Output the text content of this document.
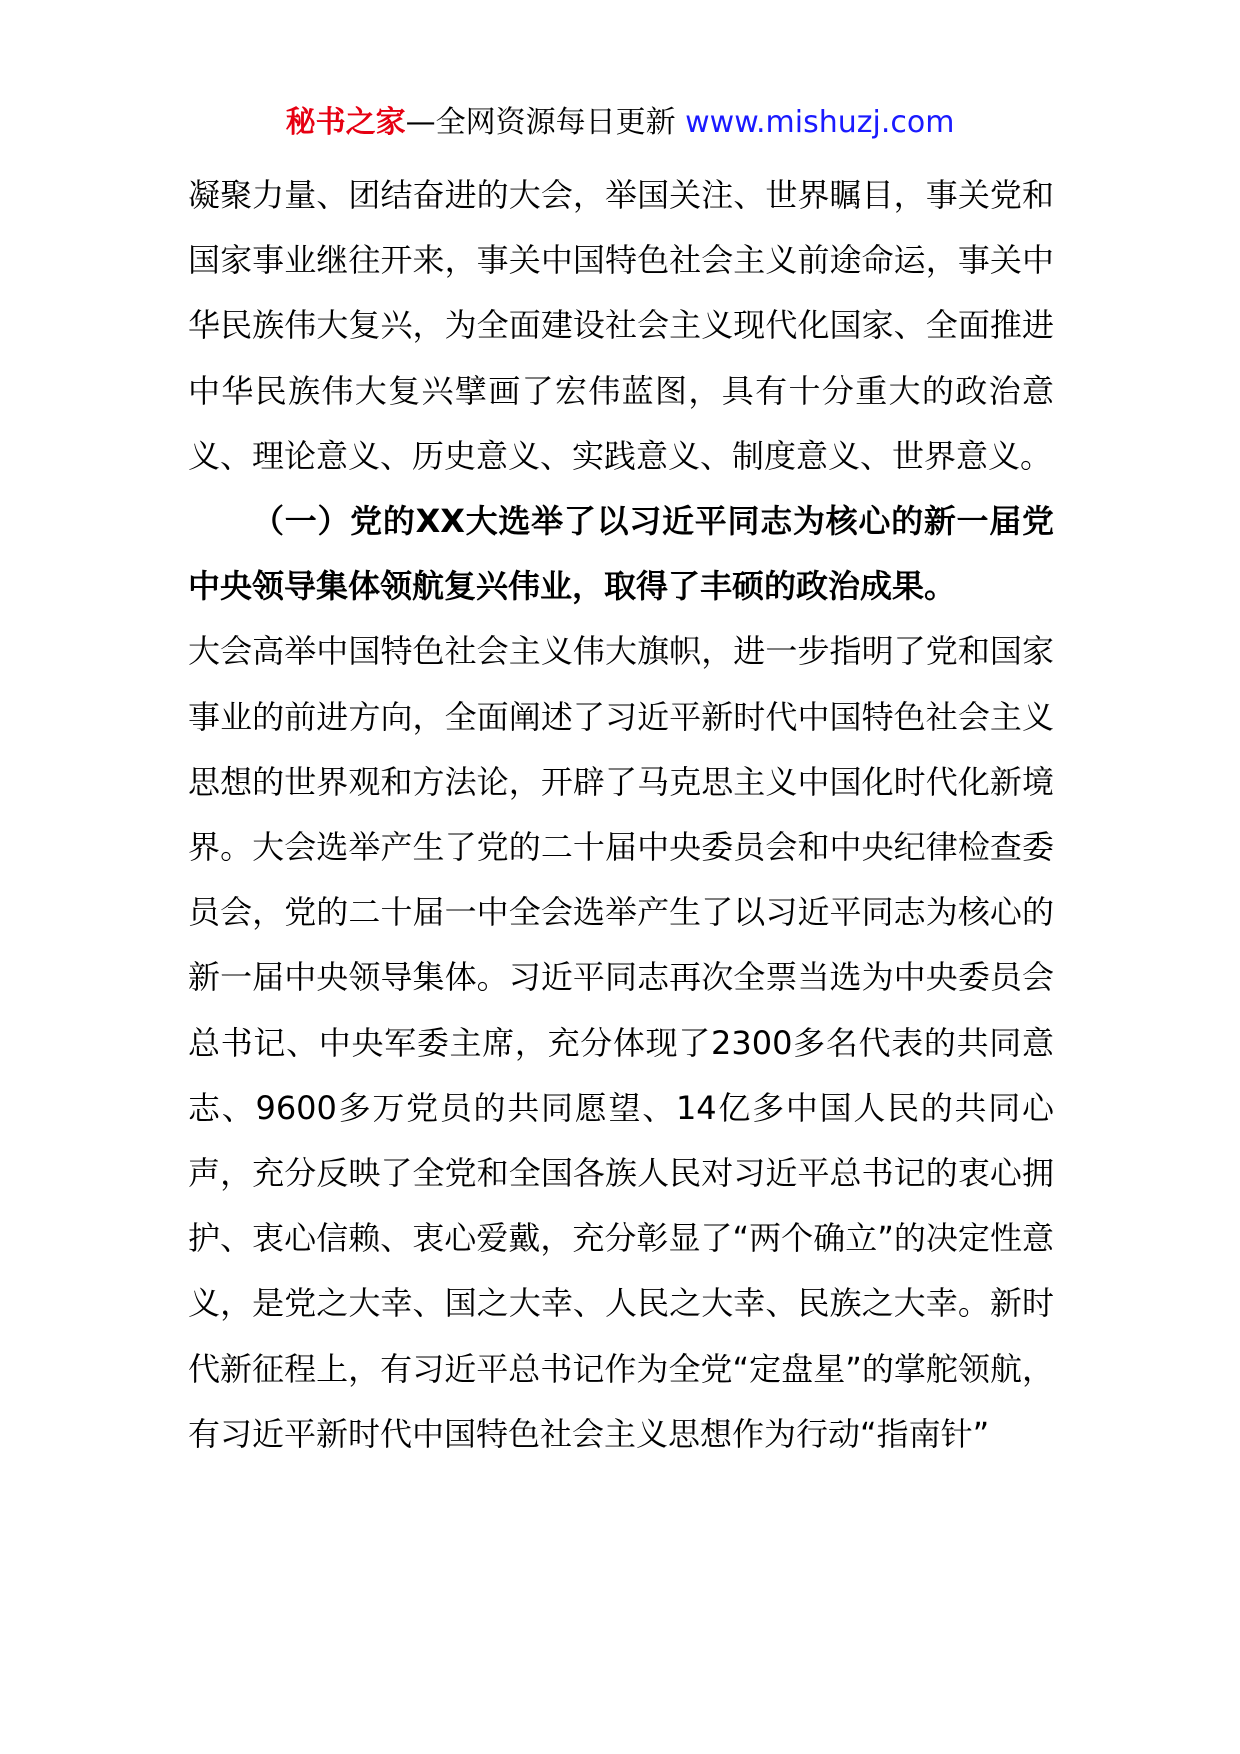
秘书之家—全网资源每日更新 www.mishuzj.com

凝聚力量、团结奋进的大会，举国关注、世界瞩目，事关党和国家事业继往开来，事关中国特色社会主义前途命运，事关中华民族伟大复兴，为全面建设社会主义现代化国家、全面推进中华民族伟大复兴擘画了宏伟蓝图，具有十分重大的政治意义、理论意义、历史意义、实践意义、制度意义、世界意义。

（一）党的XX大选举了以习近平同志为核心的新一届党中央领导集体领航复兴伟业，取得了丰硕的政治成果。

大会高举中国特色社会主义伟大旗帜，进一步指明了党和国家事业的前进方向，全面阐述了习近平新时代中国特色社会主义思想的世界观和方法论，开辟了马克思主义中国化时代化新境界。大会选举产生了党的二十届中央委员会和中央纪律检查委员会，党的二十届一中全会选举产生了以习近平同志为核心的新一届中央领导集体。习近平同志再次全票当选为中央委员会总书记、中央军委主席，充分体现了2300多名代表的共同意志、9600多万党员的共同愿望、14亿多中国人民的共同心声，充分反映了全党和全国各族人民对习近平总书记的衷心拥护、衷心信赖、衷心爱戴，充分彰显了“两个确立”的决定性意义，是党之大幸、国之大幸、人民之大幸、民族之大幸。新时代新征程上，有习近平总书记作为全党“定盘星”的掌舵领航，有习近平新时代中国特色社会主义思想作为行动“指南针”
